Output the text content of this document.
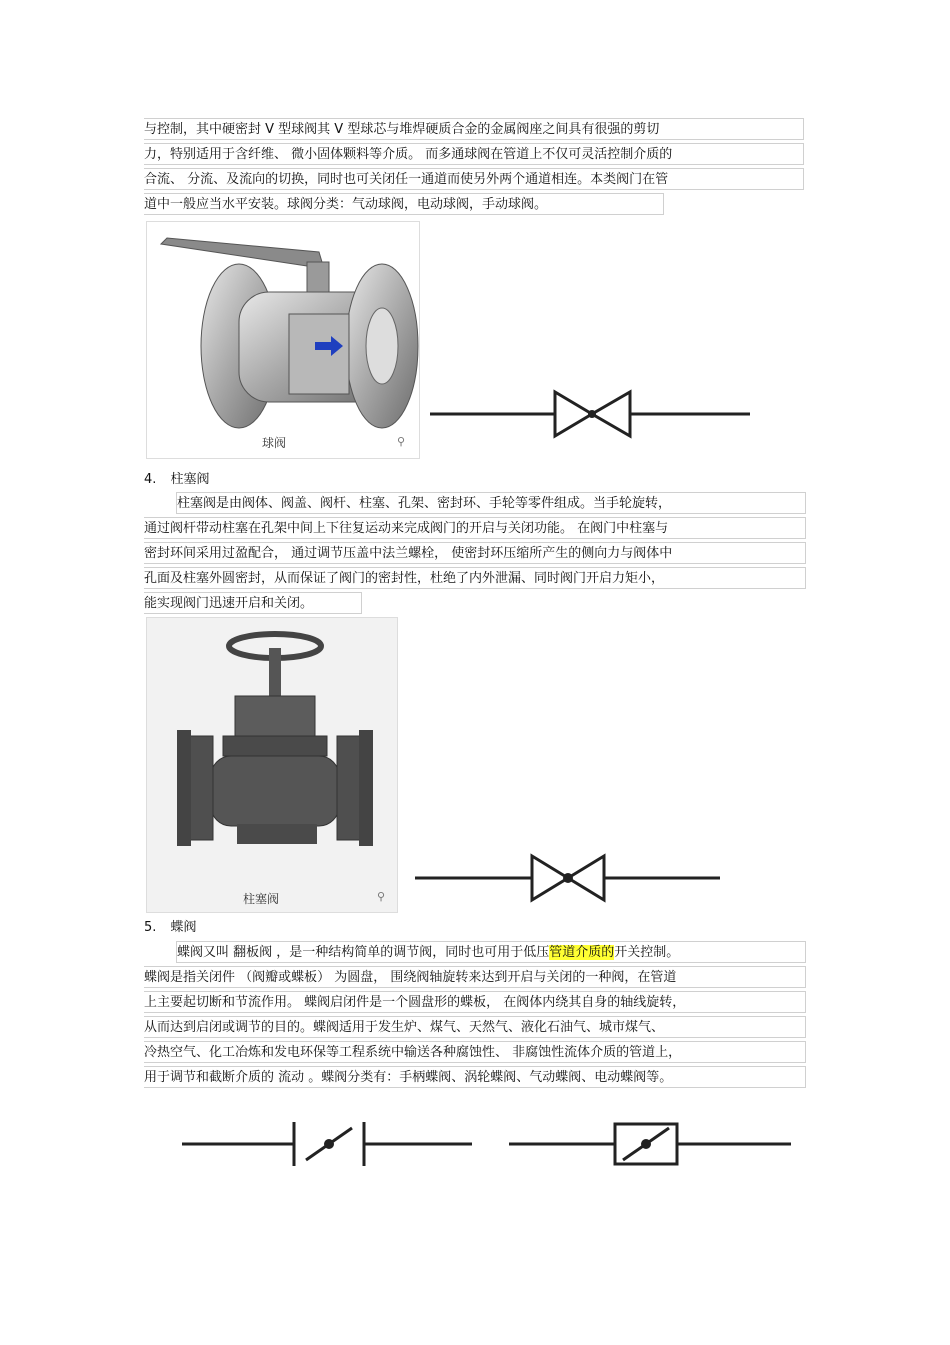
与控制，其中硬密封 V 型球阀其 V 型球芯与堆焊硬质合金的金属阀座之间具有很强的剪切
力，特别适用于含纤维、 微小固体颗料等介质。 而多通球阀在管道上不仅可灵活控制介质的
合流、 分流、及流向的切换，同时也可关闭任一通道而使另外两个通道相连。本类阀门在管
道中一般应当水平安装。球阀分类：气动球阀，电动球阀，手动球阀。
球阀	⚲
4. 柱塞阀
柱塞阀是由阀体、阀盖、阀杆、柱塞、孔架、密封环、手轮等零件组成。当手轮旋转，
通过阀杆带动柱塞在孔架中间上下往复运动来完成阀门的开启与关闭功能。 在阀门中柱塞与
密封环间采用过盈配合， 通过调节压盖中法兰螺栓， 使密封环压缩所产生的侧向力与阀体中
孔面及柱塞外圆密封，从而保证了阀门的密封性，杜绝了内外泄漏、同时阀门开启力矩小，
能实现阀门迅速开启和关闭。
柱塞阀	⚲
5. 蝶阀
蝶阀又叫 翻板阀 ，是一种结构简单的调节阀，同时也可用于低压管道介质的开关控制。
蝶阀是指关闭件 （阀瓣或蝶板） 为圆盘， 围绕阀轴旋转来达到开启与关闭的一种阀，在管道
上主要起切断和节流作用。 蝶阀启闭件是一个圆盘形的蝶板， 在阀体内绕其自身的轴线旋转，
从而达到启闭或调节的目的。蝶阀适用于发生炉、煤气、天然气、液化石油气、城市煤气、
冷热空气、化工冶炼和发电环保等工程系统中输送各种腐蚀性、 非腐蚀性流体介质的管道上，
用于调节和截断介质的 流动 。蝶阀分类有：手柄蝶阀、涡轮蝶阀、气动蝶阀、电动蝶阀等。
